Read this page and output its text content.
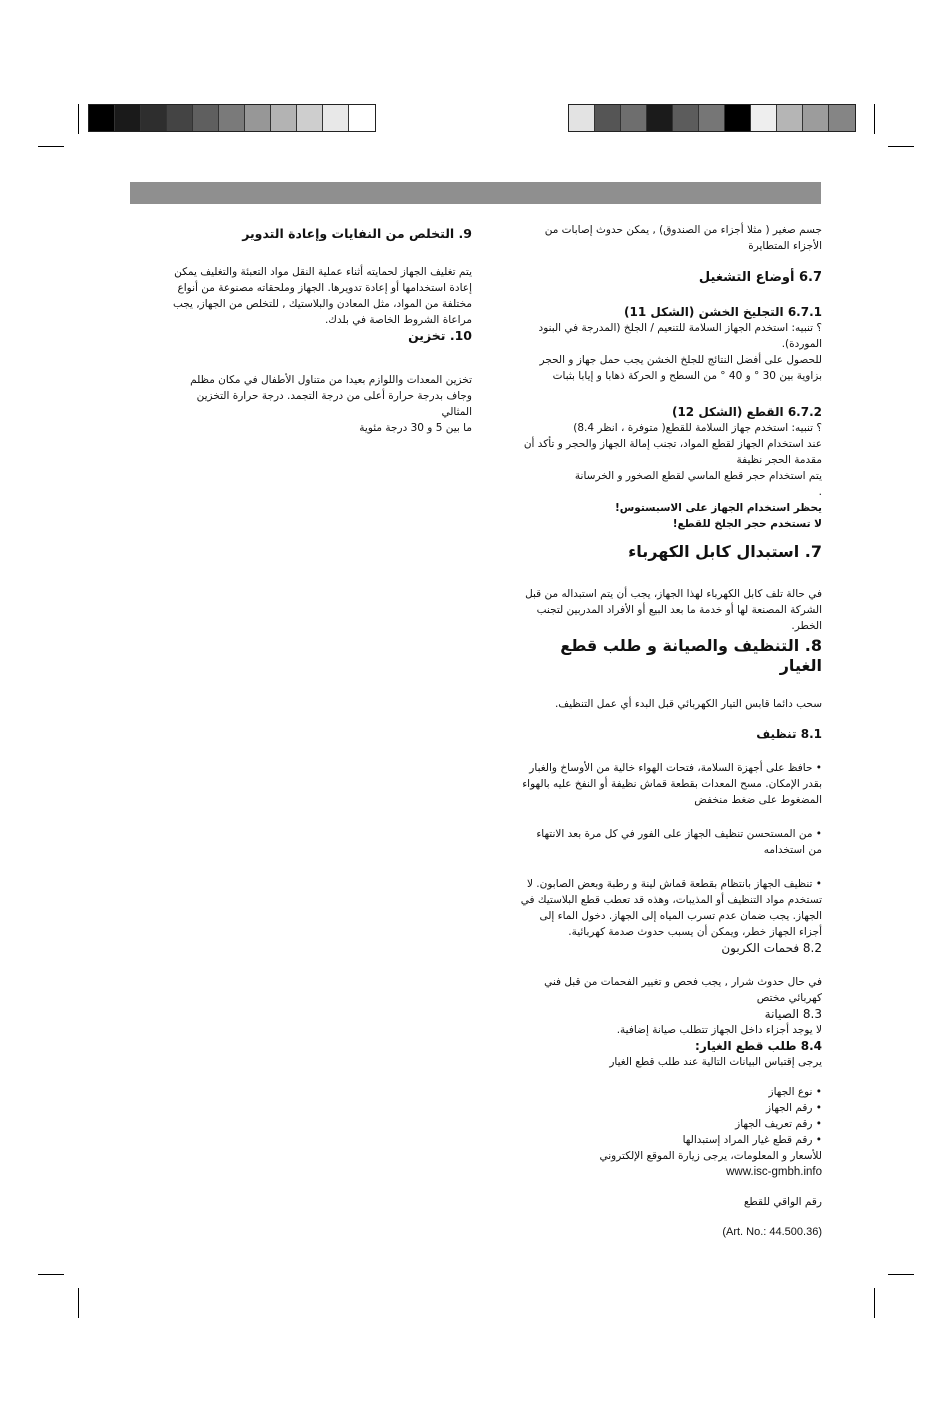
جسم صغير ( مثلا أجزاء من الصندوق) , يمكن حدوث إصابات من الأجزاء المتطايرة

6.7 أوضاع التشغيل

6.7.1 التجليخ الخشن (الشكل 11)

؟ تنبيه: استخدم الجهاز السلامة للتنعيم / الجلخ (المدرجة في البنود الموردة).

للحصول على أفضل النتائج للجلخ الخشن يجب حمل جهاز و الحجر

بزاوية بين 30 ° و 40 ° من السطح و الحركة ذهابا و إيابا بثبات

6.7.2 القطع (الشكل 12)

؟ تنبيه: استخدم جهاز السلامة للقطع( متوفرة ، انظر 8.4)

عند استخدام الجهاز لقطع المواد، تجنب إمالة الجهاز والحجر و تأكد أن مقدمة الحجر نظيفة

يتم استخدام حجر قطع الماسي لقطع الصخور و الخرسانة

.

يحظر استخدام الجهاز على الاسبستوس!

لا تستخدم حجر الجلخ للقطع!

7. استبدال كابل الكهرباء

في حالة تلف كابل الكهرباء لهذا الجهاز، يجب أن يتم استبداله من قبل الشركة المصنعة لها أو خدمة ما بعد البيع أو الأفراد المدربين لتجنب الخطر.

8. التنظيف والصيانة و طلب قطع الغيار

سحب دائما قابس التيار الكهربائي قبل البدء أي عمل التنظيف.

8.1 تنظيف

• حافظ على أجهزة السلامة، فتحات الهواء خالية من الأوساخ والغبار بقدر الإمكان. مسح المعدات بقطعة قماش نظيفة أو النفخ عليه بالهواء المضغوط على ضغط منخفض

• من المستحسن تنظيف الجهاز على الفور في كل مرة بعد الانتهاء من استخدامه

• تنظيف الجهاز بانتظام بقطعة قماش لينة و رطبة وبعض الصابون. لا تستخدم مواد التنظيف أو المذيبات، وهذه قد تعطب قطع البلاستيك في الجهاز. يجب ضمان عدم تسرب المياه إلى الجهاز. دخول الماء إلى أجزاء الجهاز خطر، ويمكن أن يسبب حدوث صدمة كهربائية.

8.2 فحمات الكربون

في حال حدوث شرار , يجب فحص و تغيير الفحمات من قبل فني كهربائي مختص

8.3 الصيانة

لا يوجد أجزاء داخل الجهاز تتطلب صيانة إضافية.

8.4 طلب قطع الغيار:

يرجى إقتباس البيانات التالية عند طلب قطع الغيار

• نوع الجهاز

• رقم الجهاز

• رقم تعريف الجهاز

• رقم قطع غيار المراد إستبدالها

للأسعار و المعلومات، يرجى زيارة الموقع الإلكتروني

www.isc-gmbh.info

رقم الواقي للقطع

(Art. No.: 44.500.36)

9. التخلص من النفايات وإعادة التدوير

يتم تغليف الجهاز لحمايته أثناء عملية النقل مواد التعبئة والتغليف يمكن إعادة استخدامها أو إعادة تدويرها. الجهاز وملحقاته مصنوعة من أنواع مختلفة من المواد، مثل المعادن والبلاستيك , للتخلص من الجهاز, يجب مراعاة الشروط الخاصة في بلدك.

10. تخزين

تخزين المعدات واللوازم بعيدا من متناول الأطفال في مكان مظلم وجاف بدرجة حرارة أعلى من درجة التجمد. درجة حرارة التخزين المثالي

ما بين 5 و 30 درجة مئوية
